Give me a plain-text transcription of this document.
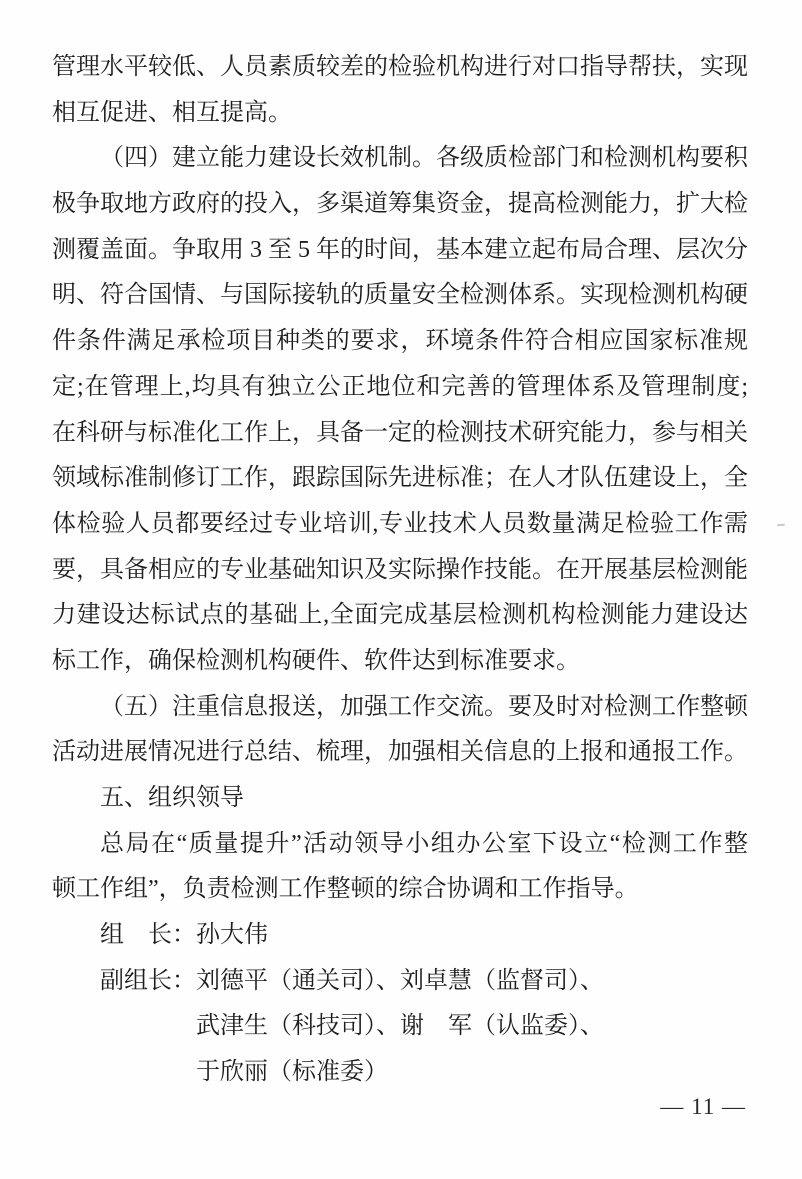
管理水平较低、人员素质较差的检验机构进行对口指导帮扶，实现
相互促进、相互提高。
（四）建立能力建设长效机制。各级质检部门和检测机构要积
极争取地方政府的投入，多渠道筹集资金，提高检测能力，扩大检
测覆盖面。争取用 3 至 5 年的时间，基本建立起布局合理、层次分
明、符合国情、与国际接轨的质量安全检测体系。实现检测机构硬
件条件满足承检项目种类的要求，环境条件符合相应国家标准规
定;在管理上,均具有独立公正地位和完善的管理体系及管理制度;
在科研与标准化工作上，具备一定的检测技术研究能力，参与相关
领域标准制修订工作，跟踪国际先进标准；在人才队伍建设上，全
体检验人员都要经过专业培训,专业技术人员数量满足检验工作需
要，具备相应的专业基础知识及实际操作技能。在开展基层检测能
力建设达标试点的基础上,全面完成基层检测机构检测能力建设达
标工作，确保检测机构硬件、软件达到标准要求。
（五）注重信息报送，加强工作交流。要及时对检测工作整顿
活动进展情况进行总结、梳理，加强相关信息的上报和通报工作。
五、组织领导
总局在“质量提升”活动领导小组办公室下设立“检测工作整
顿工作组”，负责检测工作整顿的综合协调和工作指导。
组　长：孙大伟
副组长：刘德平（通关司）、刘卓慧（监督司）、
武津生（科技司）、谢　军（认监委）、
于欣丽（标准委）
— 11 —
